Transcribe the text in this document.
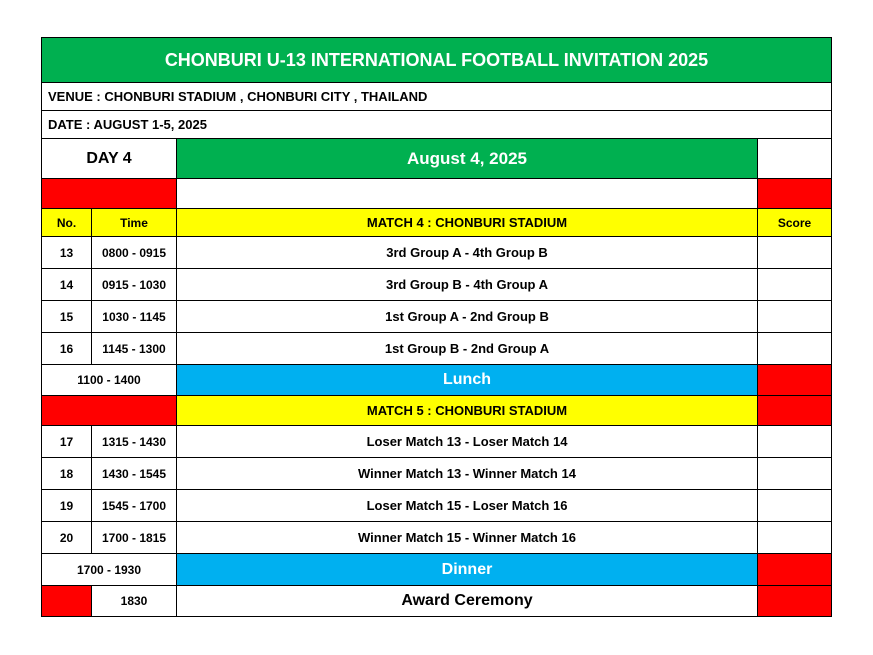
CHONBURI U-13 INTERNATIONAL FOOTBALL INVITATION 2025			
VENUE : CHONBURI STADIUM , CHONBURI CITY , THAILAND			
DATE : AUGUST 1-5, 2025			
DAY 4		August 4, 2025	

No.	Time	MATCH 4 : CHONBURI STADIUM	Score
13	0800 - 0915	3rd Group A - 4th Group B	
14	0915 - 1030	3rd Group B - 4th Group A	
15	1030 - 1145	1st Group A - 2nd Group B	
16	1145 - 1300	1st Group B - 2nd Group A	
1100 - 1400		Lunch	
		MATCH 5 : CHONBURI STADIUM	
17	1315 - 1430	Loser Match 13 - Loser Match 14	
18	1430 - 1545	Winner Match 13 - Winner Match 14	
19	1545 - 1700	Loser Match 15 - Loser Match 16	
20	1700 - 1815	Winner Match 15 - Winner Match 16	
1700 - 1930		Dinner	
	1830	Award Ceremony	
